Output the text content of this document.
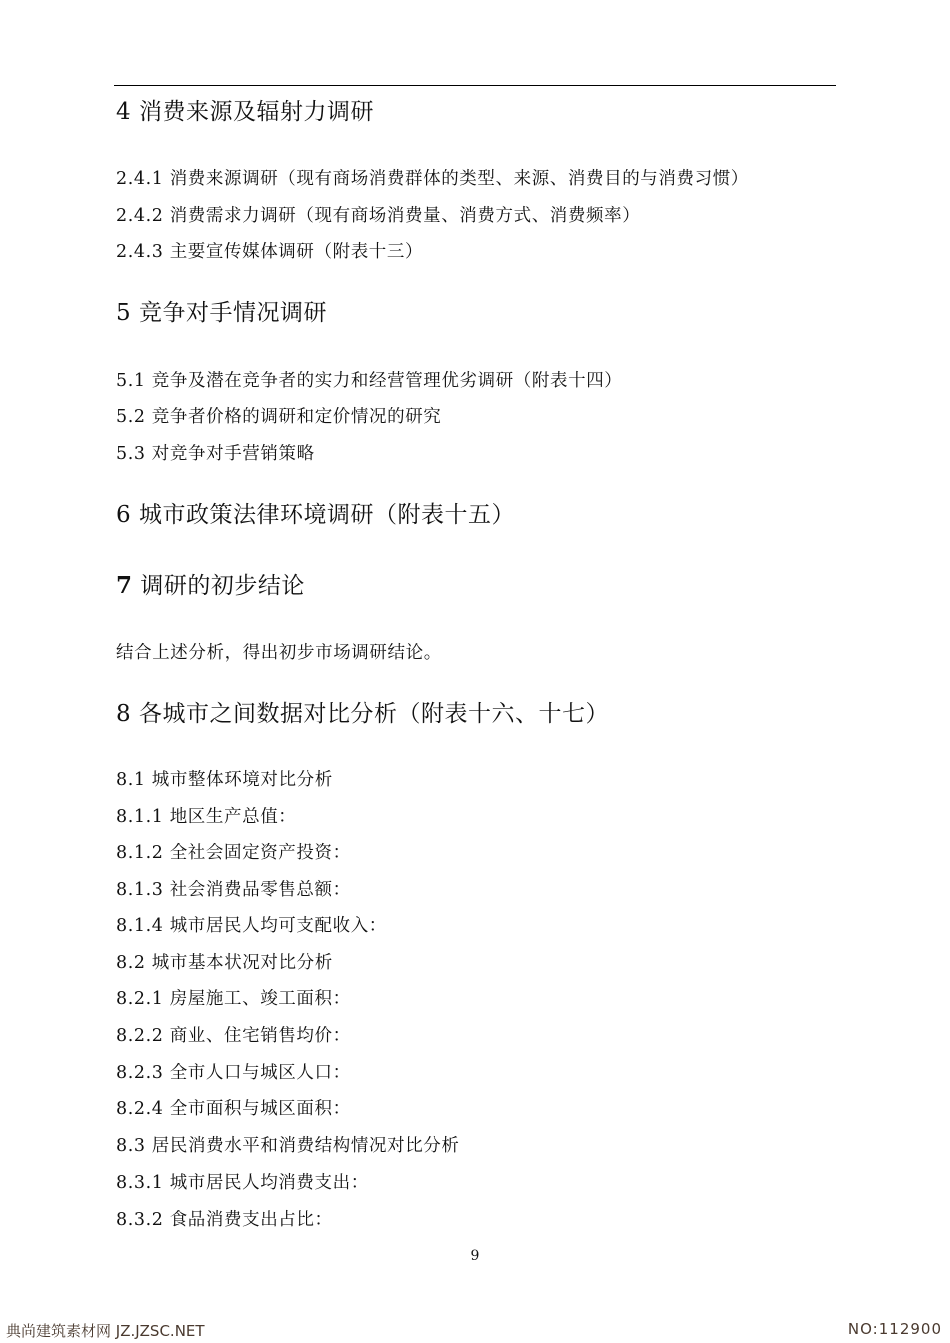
4 消费来源及辐射力调研
2.4.1 消费来源调研（现有商场消费群体的类型、来源、消费目的与消费习惯）
2.4.2 消费需求力调研（现有商场消费量、消费方式、消费频率）
2.4.3 主要宣传媒体调研（附表十三）
5 竞争对手情况调研
5.1 竞争及潜在竞争者的实力和经营管理优劣调研（附表十四）
5.2 竞争者价格的调研和定价情况的研究
5.3 对竞争对手营销策略
6 城市政策法律环境调研（附表十五）
7 调研的初步结论
结合上述分析，得出初步市场调研结论。
8 各城市之间数据对比分析（附表十六、十七）
8.1 城市整体环境对比分析
8.1.1 地区生产总值：
8.1.2 全社会固定资产投资：
8.1.3 社会消费品零售总额：
8.1.4 城市居民人均可支配收入：
8.2 城市基本状况对比分析
8.2.1 房屋施工、竣工面积：
8.2.2 商业、住宅销售均价：
8.2.3 全市人口与城区人口：
8.2.4 全市面积与城区面积：
8.3 居民消费水平和消费结构情况对比分析
8.3.1 城市居民人均消费支出：
8.3.2 食品消费支出占比：
9
典尚建筑素材网 JZ.JZSC.NET	NO:112900
